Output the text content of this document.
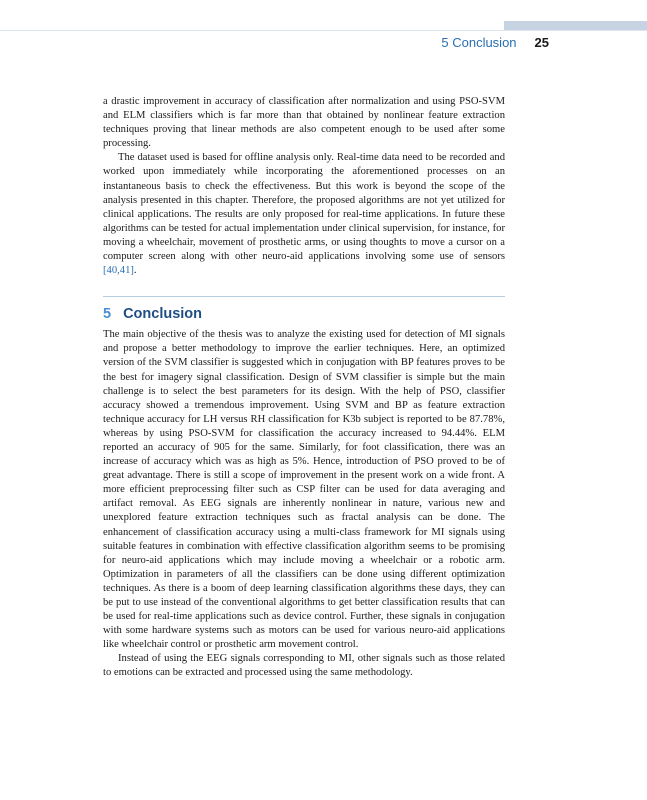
5 Conclusion 25

a drastic improvement in accuracy of classification after normalization and using PSO-SVM and ELM classifiers which is far more than that obtained by nonlinear feature extraction techniques proving that linear methods are also competent enough to be used after some processing.

The dataset used is based for offline analysis only. Real-time data need to be recorded and worked upon immediately while incorporating the aforementioned processes on an instantaneous basis to check the effectiveness. But this work is beyond the scope of the analysis presented in this chapter. Therefore, the proposed algorithms are not yet utilized for clinical applications. The results are only proposed for real-time applications. In future these algorithms can be tested for actual implementation under clinical supervision, for instance, for moving a wheelchair, movement of prosthetic arms, or using thoughts to move a cursor on a computer screen along with other neuro-aid applications involving some use of sensors [40,41].

5 Conclusion

The main objective of the thesis was to analyze the existing used for detection of MI signals and propose a better methodology to improve the earlier techniques. Here, an optimized version of the SVM classifier is suggested which in conjugation with BP features proves to be the best for imagery signal classification. Design of SVM classifier is simple but the main challenge is to select the best parameters for its design. With the help of PSO, classifier accuracy showed a tremendous improvement. Using SVM and BP as feature extraction technique accuracy for LH versus RH classification for K3b subject is reported to be 87.78%, whereas by using PSO-SVM for classification the accuracy increased to 94.44%. ELM reported an accuracy of 905 for the same. Similarly, for foot classification, there was an increase of accuracy which was as high as 5%. Hence, introduction of PSO proved to be of great advantage. There is still a scope of improvement in the present work on a wide front. A more efficient preprocessing filter such as CSP filter can be used for data averaging and artifact removal. As EEG signals are inherently nonlinear in nature, various new and unexplored feature extraction techniques such as fractal analysis can be done. The enhancement of classification accuracy using a multi-class framework for MI signals using suitable features in combination with effective classification algorithm seems to be promising for neuro-aid applications which may include moving a wheelchair or a robotic arm. Optimization in parameters of all the classifiers can be done using different optimization techniques. As there is a boom of deep learning classification algorithms these days, they can be put to use instead of the conventional algorithms to get better classification results that can be used for real-time applications such as device control. Further, these signals in conjugation with some hardware systems such as motors can be used for various neuro-aid applications like wheelchair control or prosthetic arm movement control.

Instead of using the EEG signals corresponding to MI, other signals such as those related to emotions can be extracted and processed using the same methodology.
